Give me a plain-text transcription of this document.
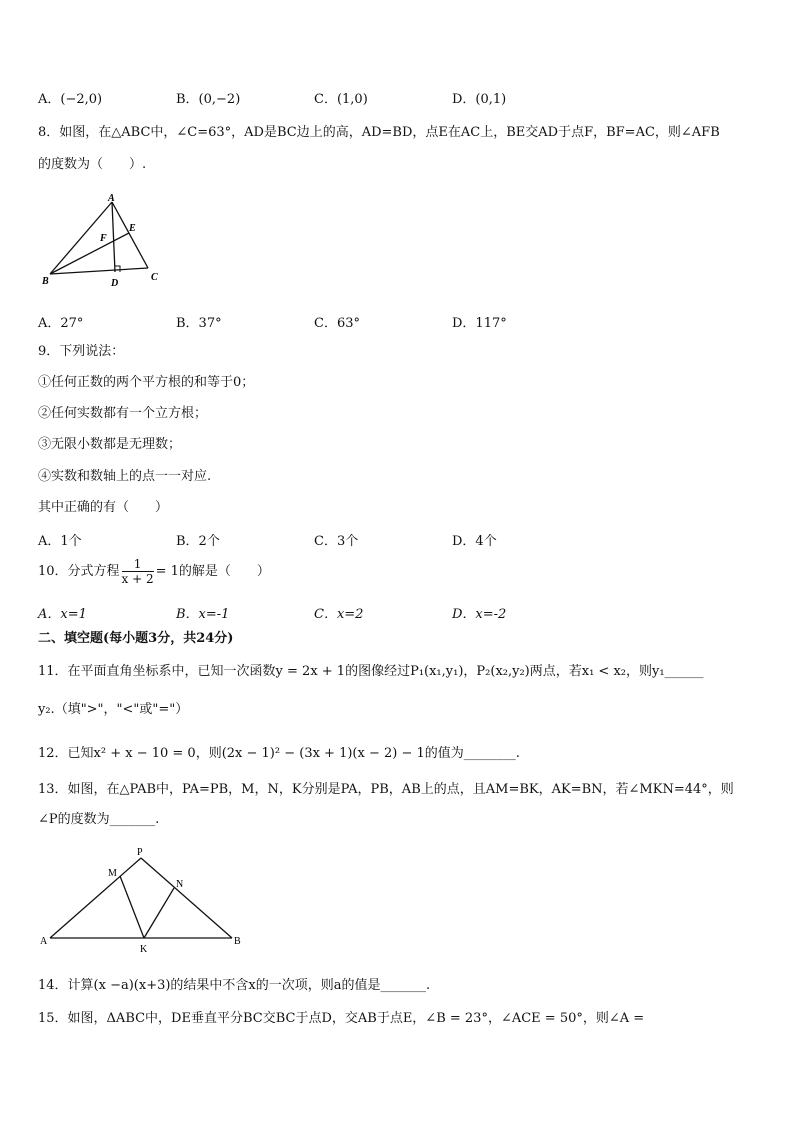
A．(−2,0)	B．(0,−2)	C．(1,0)	D．(0,1)
8．如图，在△ABC中，∠C=63°，AD是BC边上的高，AD=BD，点E在AC上，BE交AD于点F，BF=AC，则∠AFB
的度数为（　　）.
A
B	C
D
E
F
A．27°	B．37°	C．63°	D．117°
9．下列说法：
①任何正数的两个平方根的和等于0；
②任何实数都有一个立方根；
③无限小数都是无理数；
④实数和数轴上的点一一对应.
其中正确的有（　　）
A．1个	B．2个	C．3个	D．4个
10．分式方程 $\frac{1}{x + 2} = 1$的解是（　　）
A．x=1	B．x=-1	C．x=2	D．x=-2
二、填空题(每小题3分，共24分)
11．在平面直角坐标系中，已知一次函数y = 2x + 1的图像经过P₁(x₁,y₁)，P₂(x₂,y₂)两点，若x₁ < x₂，则y₁______
y₂.（填">"，"<"或"="）
12．已知x² + x − 10 = 0，则(2x − 1)² − (3x + 1)(x − 2) − 1的值为________.
13．如图，在△PAB中，PA=PB，M，N，K分别是PA，PB，AB上的点，且AM=BK，AK=BN，若∠MKN=44°，则
∠P的度数为_______.
P
M
N
A
K
B
14．计算(x −a)(x+3)的结果中不含x的一次项，则a的值是_______.
15．如图，ΔABC中，DE垂直平分BC交BC于点D，交AB于点E，∠B = 23°，∠ACE = 50°，则∠A =
